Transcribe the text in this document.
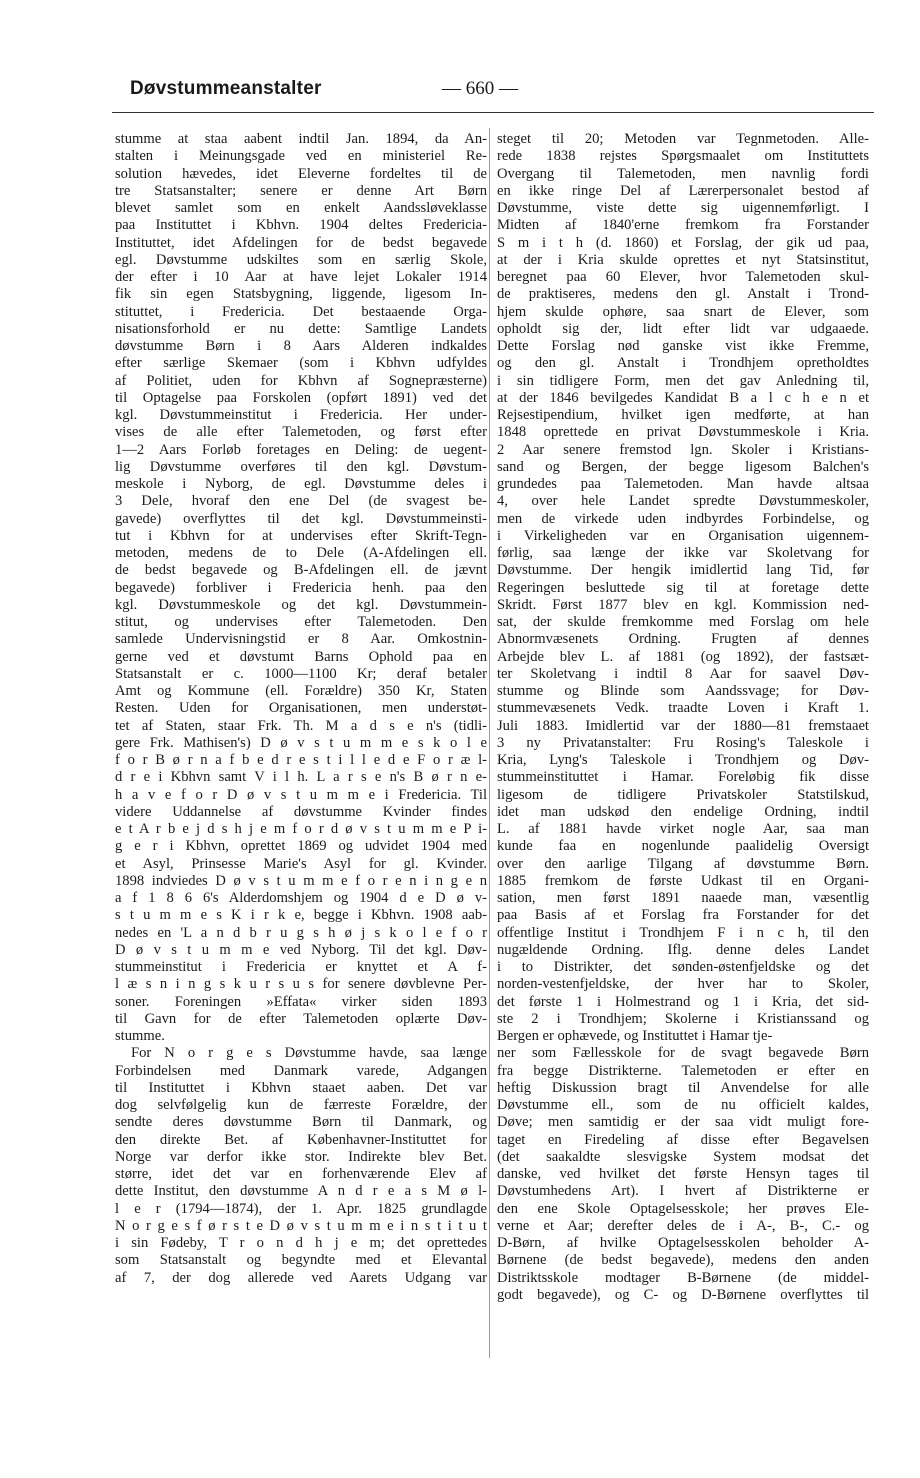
Døvstummeanstalter	— 660 —
stumme at staa aabent indtil Jan. 1894, da An-
stalten i Meinungsgade ved en ministeriel Re-
solution hævedes, idet Eleverne fordeltes til de
tre Statsanstalter; senere er denne Art Børn
blevet samlet som en enkelt Aandssløveklasse
paa Instituttet i Kbhvn. 1904 deltes Fredericia-
Instituttet, idet Afdelingen for de bedst begavede
egl. Døvstumme udskiltes som en særlig Skole,
der efter i 10 Aar at have lejet Lokaler 1914
fik sin egen Statsbygning, liggende, ligesom In-
stituttet, i Fredericia. Det bestaaende Orga-
nisationsforhold er nu dette: Samtlige Landets
døvstumme Børn i 8 Aars Alderen indkaldes
efter særlige Skemaer (som i Kbhvn udfyldes
af Politiet, uden for Kbhvn af Sognepræsterne)
til Optagelse paa Forskolen (opført 1891) ved det
kgl. Døvstummeinstitut i Fredericia. Her under-
vises de alle efter Talemetoden, og først efter
1—2 Aars Forløb foretages en Deling: de uegent-
lig Døvstumme overføres til den kgl. Døvstum-
meskole i Nyborg, de egl. Døvstumme deles i
3 Dele, hvoraf den ene Del (de svagest be-
gavede) overflyttes til det kgl. Døvstummeinsti-
tut i Kbhvn for at undervises efter Skrift-Tegn-
metoden, medens de to Dele (A-Afdelingen ell.
de bedst begavede og B-Afdelingen ell. de jævnt
begavede) forbliver i Fredericia henh. paa den
kgl. Døvstummeskole og det kgl. Døvstummein-
stitut, og undervises efter Talemetoden. Den
samlede Undervisningstid er 8 Aar. Omkostnin-
gerne ved et døvstumt Barns Ophold paa en
Statsanstalt er c. 1000—1100 Kr; deraf betaler
Amt og Kommune (ell. Forældre) 350 Kr, Staten
Resten. Uden for Organisationen, men understøt-
tet af Staten, staar Frk. Th. M a d s e n's (tidli-
gere Frk. Mathisen's) D ø v s t u m m e s k o l e
f o r B ø r n a f b e d r e s t i l l e d e F o r æ l-
d r e i Kbhvn samt V i l h. L a r s e n's B ø r n e-
h a v e f o r D ø v s t u m m e i Fredericia. Til
videre Uddannelse af døvstumme Kvinder findes
e t A r b e j d s h j e m f o r d ø v s t u m m e P i-
g e r i Kbhvn, oprettet 1869 og udvidet 1904 med
et Asyl, Prinsesse Marie's Asyl for gl. Kvinder.
1898 indviedes D ø v s t u m m e f o r e n i n g e n
a f 1 8 6 6's Alderdomshjem og 1904 d e D ø v-
s t u m m e s K i r k e, begge i Kbhvn. 1908 aab-
nedes en 'L a n d b r u g s h ø j s k o l e f o r
D ø v s t u m m e ved Nyborg. Til det kgl. Døv-
stummeinstitut i Fredericia er knyttet et A f-
l æ s n i n g s k u r s u s for senere døvblevne Per-
soner. Foreningen »Effata« virker siden 1893
til Gavn for de efter Talemetoden oplærte Døv-
stumme.
For N o r g e s Døvstumme havde, saa længe
Forbindelsen med Danmark varede, Adgangen
til Instituttet i Kbhvn staaet aaben. Det var
dog selvfølgelig kun de færreste Forældre, der
sendte deres døvstumme Børn til Danmark, og
den direkte Bet. af Københavner-Instituttet for
Norge var derfor ikke stor. Indirekte blev Bet.
større, idet det var en forhenværende Elev af
dette Institut, den døvstumme A n d r e a s M ø l-
l e r (1794—1874), der 1. Apr. 1825 grundlagde
N o r g e s f ø r s t e D ø v s t u m m e i n s t i t u t
i sin Fødeby, T r o n d h j e m; det oprettedes
som Statsanstalt og begyndte med et Elevantal
af 7, der dog allerede ved Aarets Udgang var
steget til 20; Metoden var Tegnmetoden. Alle-
rede 1838 rejstes Spørgsmaalet om Instituttets
Overgang til Talemetoden, men navnlig fordi
en ikke ringe Del af Lærerpersonalet bestod af
Døvstumme, viste dette sig uigennemførligt. I
Midten af 1840'erne fremkom fra Forstander
S m i t h (d. 1860) et Forslag, der gik ud paa,
at der i Kria skulde oprettes et nyt Statsinstitut,
beregnet paa 60 Elever, hvor Talemetoden skul-
de praktiseres, medens den gl. Anstalt i Trond-
hjem skulde ophøre, saa snart de Elever, som
opholdt sig der, lidt efter lidt var udgaaede.
Dette Forslag nød ganske vist ikke Fremme,
og den gl. Anstalt i Trondhjem opretholdtes
i sin tidligere Form, men det gav Anledning til,
at der 1846 bevilgedes Kandidat B a l c h e n et
Rejsestipendium, hvilket igen medførte, at han
1848 oprettede en privat Døvstummeskole i Kria.
2 Aar senere fremstod lgn. Skoler i Kristians-
sand og Bergen, der begge ligesom Balchen's
grundedes paa Talemetoden. Man havde altsaa
4, over hele Landet spredte Døvstummeskoler,
men de virkede uden indbyrdes Forbindelse, og
i Virkeligheden var en Organisation uigennem-
førlig, saa længe der ikke var Skoletvang for
Døvstumme. Der hengik imidlertid lang Tid, før
Regeringen besluttede sig til at foretage dette
Skridt. Først 1877 blev en kgl. Kommission ned-
sat, der skulde fremkomme med Forslag om hele
Abnormvæsenets Ordning. Frugten af dennes
Arbejde blev L. af 1881 (og 1892), der fastsæt-
ter Skoletvang i indtil 8 Aar for saavel Døv-
stumme og Blinde som Aandssvage; for Døv-
stummevæsenets Vedk. traadte Loven i Kraft 1.
Juli 1883. Imidlertid var der 1880—81 fremstaaet
3 ny Privatanstalter: Fru Rosing's Taleskole i
Kria, Lyng's Taleskole i Trondhjem og Døv-
stummeinstituttet i Hamar. Foreløbig fik disse
ligesom de tidligere Privatskoler Statstilskud,
idet man udskød den endelige Ordning, indtil
L. af 1881 havde virket nogle Aar, saa man
kunde faa en nogenlunde paalidelig Oversigt
over den aarlige Tilgang af døvstumme Børn.
1885 fremkom de første Udkast til en Organi-
sation, men først 1891 naaede man, væsentlig
paa Basis af et Forslag fra Forstander for det
offentlige Institut i Trondhjem F i n c h, til den
nugældende Ordning. Iflg. denne deles Landet
i to Distrikter, det sønden-østenfjeldske og det
norden-vestenfjeldske, der hver har to Skoler,
det første 1 i Holmestrand og 1 i Kria, det sid-
ste 2 i Trondhjem; Skolerne i Kristianssand og
Bergen er ophævede, og Instituttet i Hamar tje-
ner som Fællesskole for de svagt begavede Børn
fra begge Distrikterne. Talemetoden er efter en
heftig Diskussion bragt til Anvendelse for alle
Døvstumme ell., som de nu officielt kaldes,
Døve; men samtidig er der saa vidt muligt fore-
taget en Firedeling af disse efter Begavelsen
(det saakaldte slesvigske System modsat det
danske, ved hvilket det første Hensyn tages til
Døvstumhedens Art). I hvert af Distrikterne er
den ene Skole Optagelsesskole; her prøves Ele-
verne et Aar; derefter deles de i A-, B-, C.- og
D-Børn, af hvilke Optagelsesskolen beholder A-
Børnene (de bedst begavede), medens den anden
Distriktsskole modtager B-Børnene (de middel-
godt begavede), og C- og D-Børnene overflyttes til
